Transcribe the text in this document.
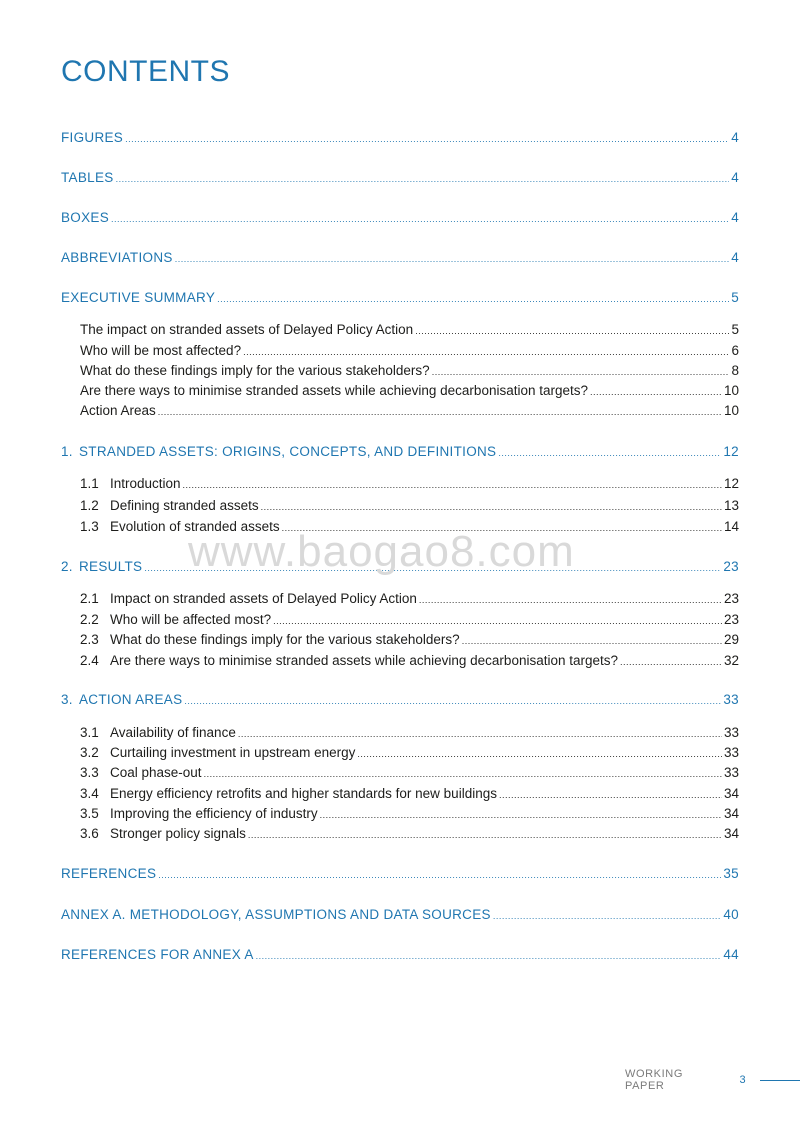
CONTENTS
FIGURES .....	4
TABLES .....	4
BOXES .....	4
ABBREVIATIONS .....	4
EXECUTIVE SUMMARY .....	5
The impact on stranded assets of Delayed Policy Action .....	5
Who will be most affected? .....	6
What do these findings imply for the various stakeholders? .....	8
Are there ways to minimise stranded assets while achieving decarbonisation targets? .....	10
Action Areas .....	10
1. STRANDED ASSETS: ORIGINS, CONCEPTS, AND DEFINITIONS .....	12
1.1 Introduction .....	12
1.2 Defining stranded assets .....	13
1.3 Evolution of stranded assets .....	14
2. RESULTS .....	23
2.1 Impact on stranded assets of Delayed Policy Action .....	23
2.2 Who will be affected most? .....	23
2.3 What do these findings imply for the various stakeholders? .....	29
2.4 Are there ways to minimise stranded assets while achieving decarbonisation targets? .....	32
3. ACTION AREAS .....	33
3.1 Availability of finance .....	33
3.2 Curtailing investment in upstream energy .....	33
3.3 Coal phase-out .....	33
3.4 Energy efficiency retrofits and higher standards for new buildings .....	34
3.5 Improving the efficiency of industry .....	34
3.6 Stronger policy signals .....	34
REFERENCES .....	35
ANNEX A. METHODOLOGY, ASSUMPTIONS AND DATA SOURCES .....	40
REFERENCES FOR ANNEX A .....	44
www.baogao8.com
WORKING PAPER	3
